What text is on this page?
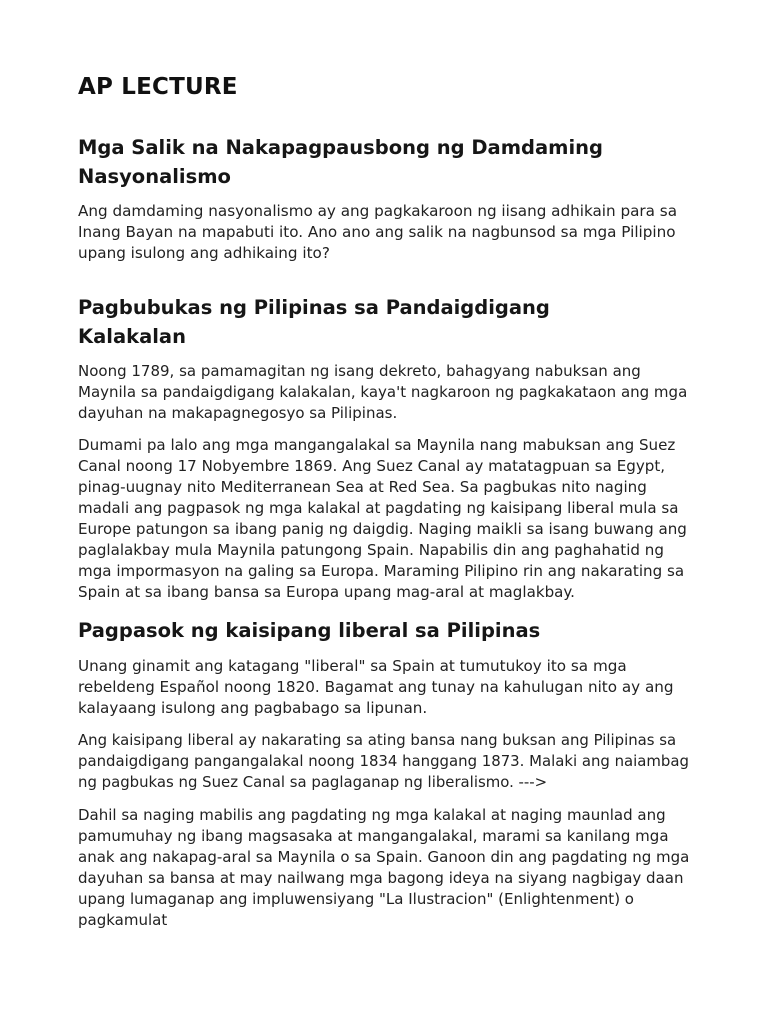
AP LECTURE
Mga Salik na Nakapagpausbong ng Damdaming
Nasyonalismo

Ang damdaming nasyonalismo ay ang pagkakaroon ng iisang adhikain para sa
Inang Bayan na mapabuti ito. Ano ano ang salik na nagbunsod sa mga Pilipino
upang isulong ang adhikaing ito?

Pagbubukas ng Pilipinas sa Pandaigdigang
Kalakalan

Noong 1789, sa pamamagitan ng isang dekreto, bahagyang nabuksan ang
Maynila sa pandaigdigang kalakalan, kaya't nagkaroon ng pagkakataon ang mga
dayuhan na makapagnegosyo sa Pilipinas.

Dumami pa lalo ang mga mangangalakal sa Maynila nang mabuksan ang Suez
Canal noong 17 Nobyembre 1869. Ang Suez Canal ay matatagpuan sa Egypt,
pinag-uugnay nito Mediterranean Sea at Red Sea. Sa pagbukas nito naging
madali ang pagpasok ng mga kalakal at pagdating ng kaisipang liberal mula sa
Europe patungon sa ibang panig ng daigdig. Naging maikli sa isang buwang ang
paglalakbay mula Maynila patungong Spain. Napabilis din ang paghahatid ng
mga impormasyon na galing sa Europa. Maraming Pilipino rin ang nakarating sa
Spain at sa ibang bansa sa Europa upang mag-aral at maglakbay.

Pagpasok ng kaisipang liberal sa Pilipinas

Unang ginamit ang katagang "liberal" sa Spain at tumutukoy ito sa mga
rebeldeng Español noong 1820. Bagamat ang tunay na kahulugan nito ay ang
kalayaang isulong ang pagbabago sa lipunan.

Ang kaisipang liberal ay nakarating sa ating bansa nang buksan ang Pilipinas sa
pandaigdigang pangangalakal noong 1834 hanggang 1873. Malaki ang naiambag
ng pagbukas ng Suez Canal sa paglaganap ng liberalismo. --->

Dahil sa naging mabilis ang pagdating ng mga kalakal at naging maunlad ang
pamumuhay ng ibang magsasaka at mangangalakal, marami sa kanilang mga
anak ang nakapag-aral sa Maynila o sa Spain. Ganoon din ang pagdating ng mga
dayuhan sa bansa at may nailwang mga bagong ideya na siyang nagbigay daan
upang lumaganap ang impluwensiyang "La Ilustracion" (Enlightenment) o
pagkamulat
